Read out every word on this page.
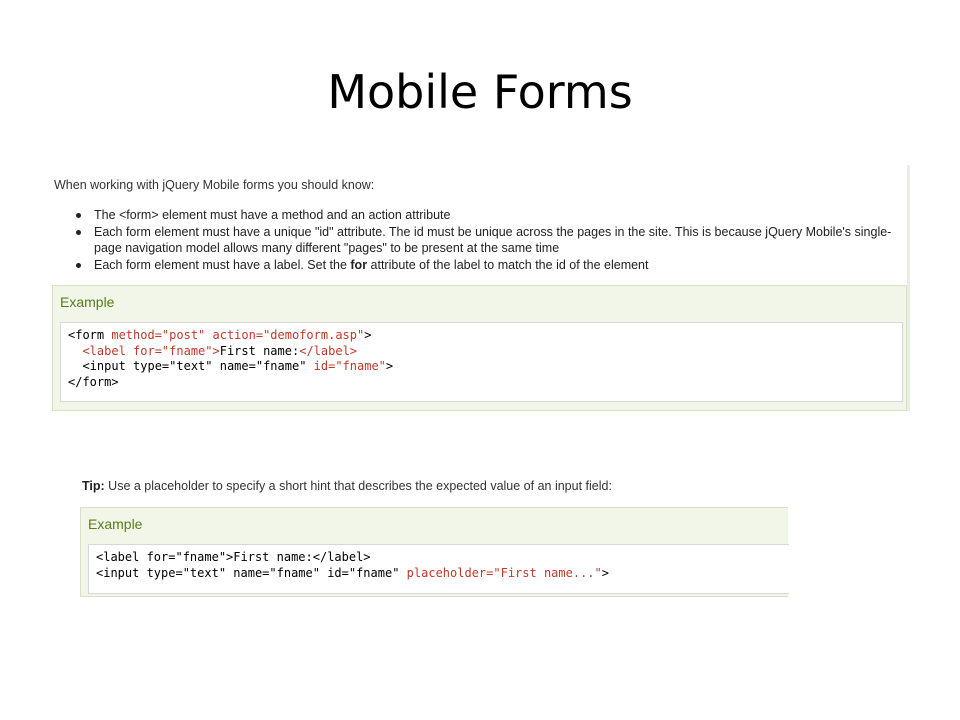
Mobile Forms
When working with jQuery Mobile forms you should know:
The <form> element must have a method and an action attribute
Each form element must have a unique "id" attribute. The id must be unique across the pages in the site. This is because jQuery Mobile's single-page navigation model allows many different "pages" to be present at the same time
Each form element must have a label. Set the for attribute of the label to match the id of the element
Example
<form method="post" action="demoform.asp">
<label for="fname">First name:</label>
<input type="text" name="fname" id="fname">
</form>
Tip: Use a placeholder to specify a short hint that describes the expected value of an input field:
Example
<label for="fname">First name:</label>
<input type="text" name="fname" id="fname" placeholder="First name...">
